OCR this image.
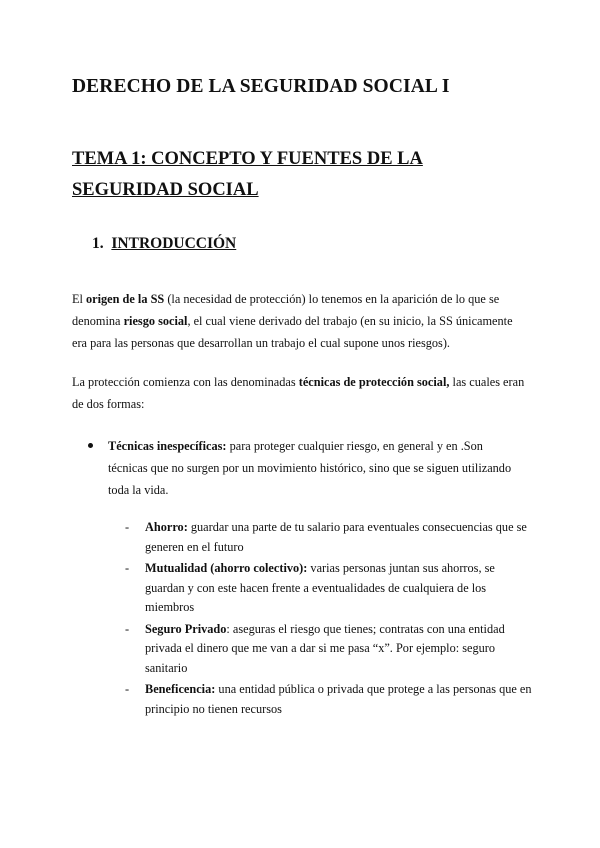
DERECHO DE LA SEGURIDAD SOCIAL I
TEMA 1: CONCEPTO Y FUENTES DE LA
SEGURIDAD SOCIAL
1. INTRODUCCIÓN

El origen de la SS (la necesidad de protección) lo tenemos en la aparición de lo que se denomina riesgo social, el cual viene derivado del trabajo (en su inicio, la SS únicamente era para las personas que desarrollan un trabajo el cual supone unos riesgos).

La protección comienza con las denominadas técnicas de protección social, las cuales eran de dos formas:

Técnicas inespecíficas: para proteger cualquier riesgo, en general y en .Son técnicas que no surgen por un movimiento histórico, sino que se siguen utilizando toda la vida.
- Ahorro: guardar una parte de tu salario para eventuales consecuencias que se generen en el futuro
- Mutualidad (ahorro colectivo): varias personas juntan sus ahorros, se guardan y con este hacen frente a eventualidades de cualquiera de los miembros
- Seguro Privado: aseguras el riesgo que tienes; contratas con una entidad privada el dinero que me van a dar si me pasa “x”. Por ejemplo: seguro sanitario
- Beneficencia: una entidad pública o privada que protege a las personas que en principio no tienen recursos
